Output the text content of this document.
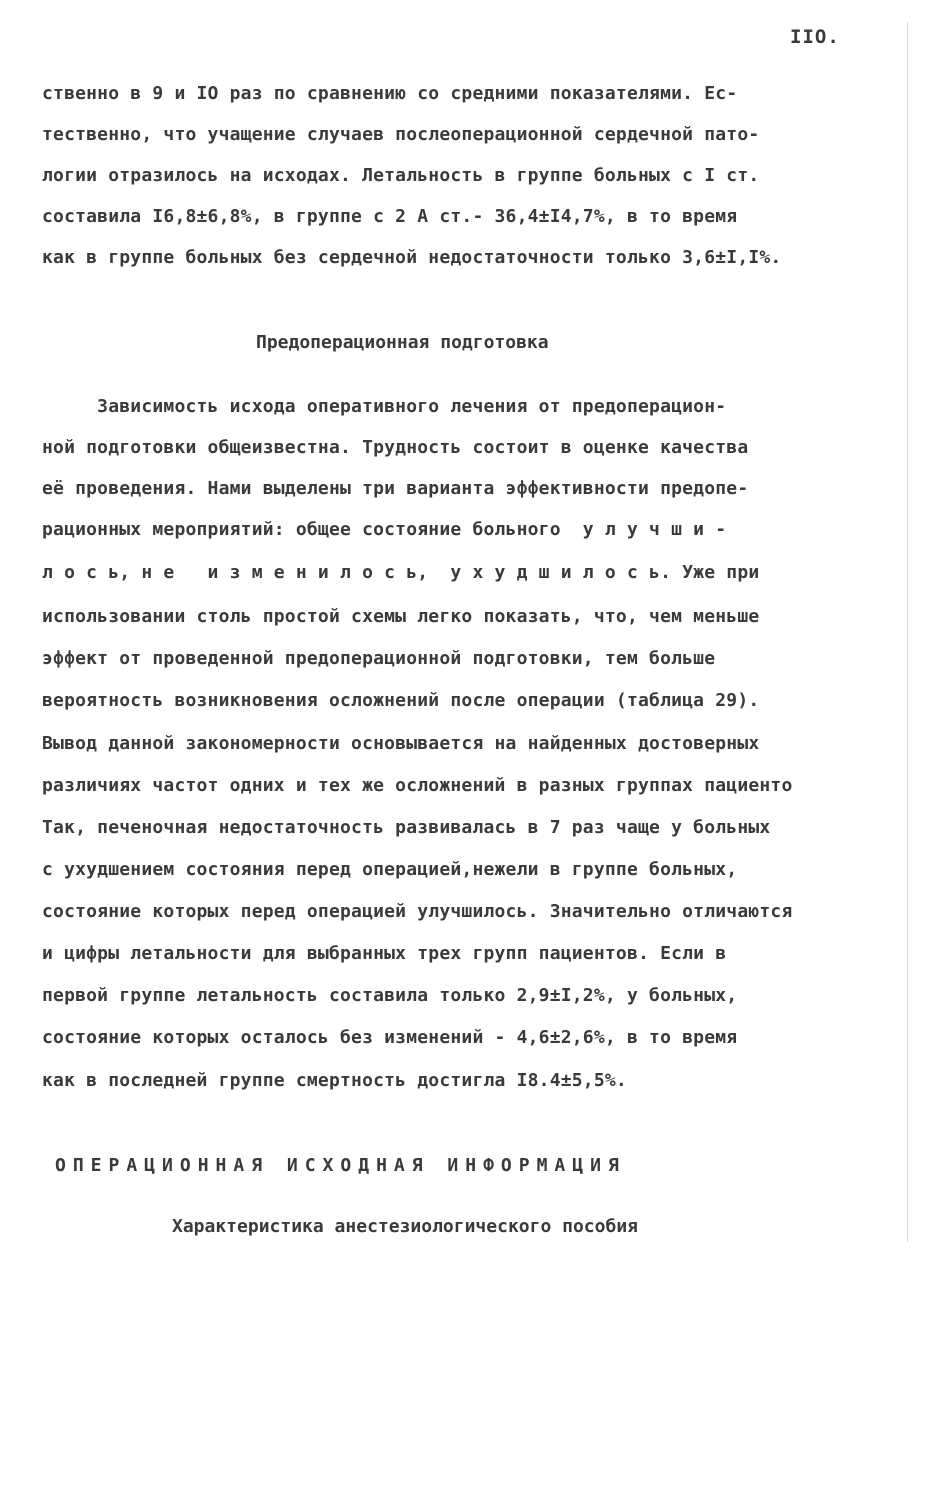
IIO.
ственно в 9 и IO раз по сравнению со средними показателями. Ес-
тественно, что учащение случаев послеоперационной сердечной пато-
логии отразилось на исходах. Летальность в группе больных с I ст.
составила I6,8±6,8%, в группе с 2 А ст.- 36,4±I4,7%, в то время
как в группе больных без сердечной недостаточности только 3,6±I,I%.
Предоперационная подготовка
Зависимость исхода оперативного лечения от предоперацион-
ной подготовки общеизвестна. Трудность состоит в оценке качества
её проведения. Нами выделены три варианта эффективности предопе-
рационных мероприятий: общее состояние больного  у л у ч ш и -
л о с ь, н е   и з м е н и л о с ь,  у х у д ш и л о с ь. Уже при
использовании столь простой схемы легко показать, что, чем меньше
эффект от проведенной предоперационной подготовки, тем больше
вероятность возникновения осложнений после операции (таблица 29).
Вывод данной закономерности основывается на найденных достоверных
различиях частот одних и тех же осложнений в разных группах пациенто
Так, печеночная недостаточность развивалась в 7 раз чаще у больных
с ухудшением состояния перед операцией,нежели в группе больных,
состояние которых перед операцией улучшилось. Значительно отличаются
и цифры летальности для выбранных трех групп пациентов. Если в
первой группе летальность составила только 2,9±I,2%, у больных,
состояние которых осталось без изменений - 4,6±2,6%, в то время
как в последней группе смертность достигла I8.4±5,5%.
ОПЕРАЦИОННАЯ ИСХОДНАЯ ИНФОРМАЦИЯ
Характеристика анестезиологического пособия
